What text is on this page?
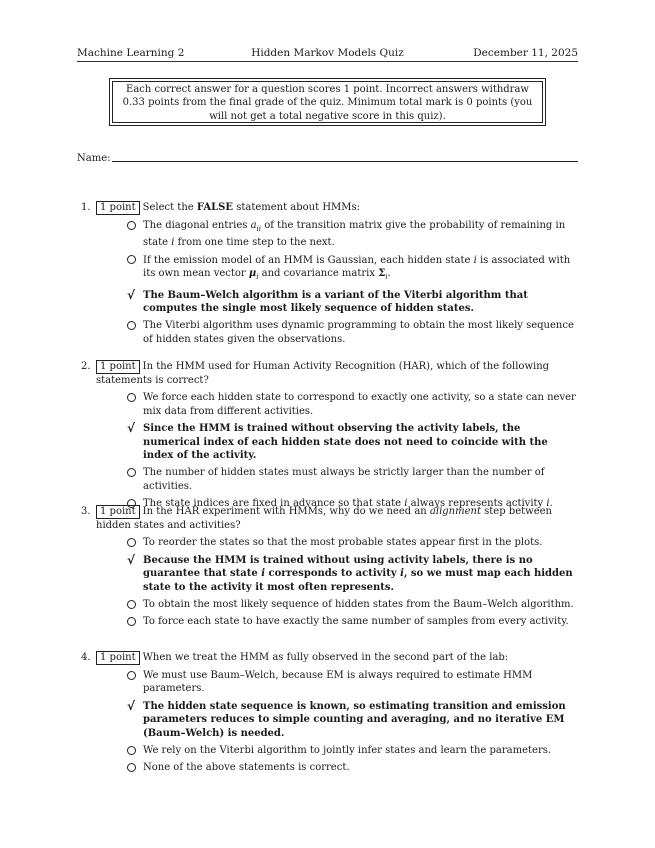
Machine Learning 2	Hidden Markov Models Quiz	December 11, 2025
Each correct answer for a question scores 1 point. Incorrect answers withdraw 0.33 points from the final grade of the quiz. Minimum total mark is 0 points (you will not get a total negative score in this quiz).
Name:
1. 1 point Select the FALSE statement about HMMs:
The diagonal entries $a_{ii}$ of the transition matrix give the probability of remaining in state i from one time step to the next.
If the emission model of an HMM is Gaussian, each hidden state i is associated with its own mean vector $\mu_i$ and covariance matrix $\Sigma_i$.
√ The Baum–Welch algorithm is a variant of the Viterbi algorithm that computes the single most likely sequence of hidden states.
The Viterbi algorithm uses dynamic programming to obtain the most likely sequence of hidden states given the observations.
2. 1 point In the HMM used for Human Activity Recognition (HAR), which of the following statements is correct?
We force each hidden state to correspond to exactly one activity, so a state can never mix data from different activities.
√ Since the HMM is trained without observing the activity labels, the numerical index of each hidden state does not need to coincide with the index of the activity.
The number of hidden states must always be strictly larger than the number of activities.
The state indices are fixed in advance so that state i always represents activity i.
3. 1 point In the HAR experiment with HMMs, why do we need an alignment step between hidden states and activities?
To reorder the states so that the most probable states appear first in the plots.
√ Because the HMM is trained without using activity labels, there is no guarantee that state i corresponds to activity i, so we must map each hidden state to the activity it most often represents.
To obtain the most likely sequence of hidden states from the Baum–Welch algorithm.
To force each state to have exactly the same number of samples from every activity.
4. 1 point When we treat the HMM as fully observed in the second part of the lab:
We must use Baum–Welch, because EM is always required to estimate HMM parameters.
√ The hidden state sequence is known, so estimating transition and emission parameters reduces to simple counting and averaging, and no iterative EM (Baum–Welch) is needed.
We rely on the Viterbi algorithm to jointly infer states and learn the parameters.
None of the above statements is correct.
